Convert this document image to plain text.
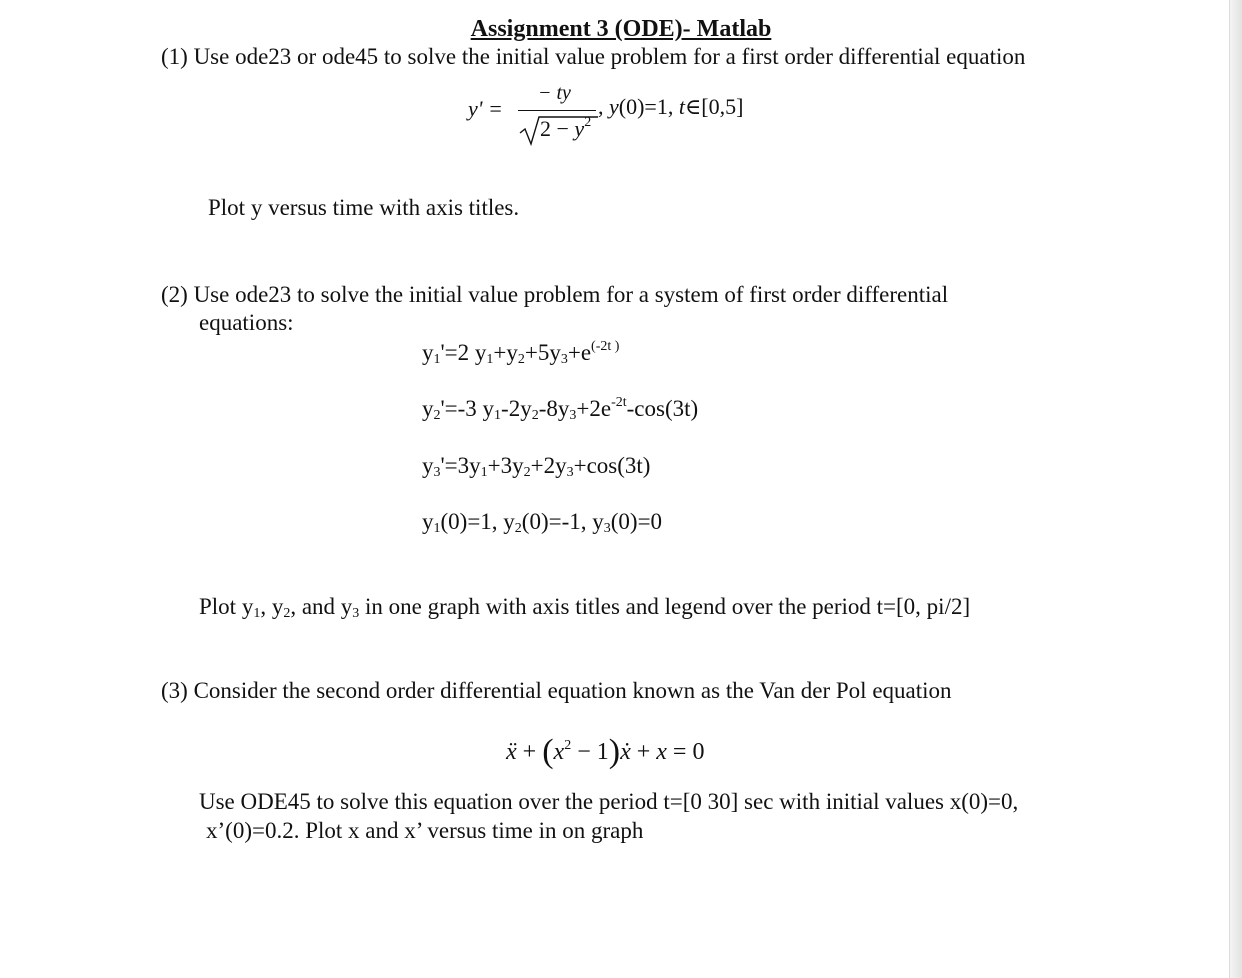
Assignment 3 (ODE)- Matlab
(1) Use ode23 or ode45 to solve the initial value problem for a first order differential equation
y' =
− ty
$2 - y^2$
, y(0)=1, t∈[0,5]
Plot y versus time with axis titles.
(2) Use ode23 to solve the initial value problem for a system of first order differential
equations:
$y_1'=2$ $y_1+y_2+5y_3+e^{(-2t )}$
$y_2'=-3$ $y_1-2y_2-8y_3+2e^{-2t}-\cos(3t)$
$y_3'=3y_1+3y_2+2y_3+\cos(3t)$
$y_1(0)=1$, $y_2(0)=-1$, $y_3(0)=0$
Plot $y_1$, $y_2$, and $y_3$ in one graph with axis titles and legend over the period t=[0, pi/2]
(3) Consider the second order differential equation known as the Van der Pol equation
ẍ + ($x^2$ − 1)ẋ + x = 0
Use ODE45 to solve this equation over the period t=[0 30] sec with initial values x(0)=0,
x’(0)=0.2. Plot x and x’ versus time in on graph
